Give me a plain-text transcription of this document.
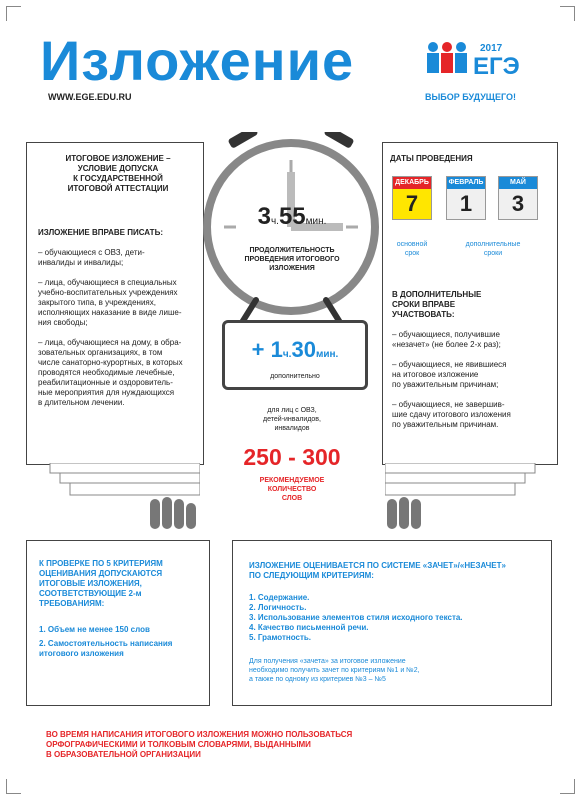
Изложение
WWW.EGE.EDU.RU
2017
ЕГЭ
ВЫБОР БУДУЩЕГО!
ИТОГОВОЕ ИЗЛОЖЕНИЕ –
УСЛОВИЕ ДОПУСКА
К ГОСУДАРСТВЕННОЙ
ИТОГОВОЙ АТТЕСТАЦИИ
ИЗЛОЖЕНИЕ ВПРАВЕ ПИСАТЬ:
– обучающиеся с ОВЗ, дети-
инвалиды и инвалиды;
– лица, обучающиеся в специальных
учебно-воспитательных учреждениях
закрытого типа, в учреждениях,
исполняющих наказание в виде лише-
ния свободы;
– лица, обучающиеся на дому, в обра-
зовательных организациях, в том
числе санаторно-курортных, в которых
проводятся необходимые лечебные,
реабилитационные и оздоровитель-
ные мероприятия для нуждающихся
в длительном лечении.
ДАТЫ ПРОВЕДЕНИЯ
ДЕКАБРЬ
7
ФЕВРАЛЬ
1
МАЙ
3
основной
срок
дополнительные
сроки
В ДОПОЛНИТЕЛЬНЫЕ
СРОКИ ВПРАВЕ
УЧАСТВОВАТЬ:
– обучающиеся, получившие
«незачет» (не более 2-х раз);
– обучающиеся, не явившиеся
на итоговое изложение
по уважительным причинам;
– обучающиеся, не завершив-
шие сдачу итогового изложения
по уважительным причинам.
3ч.55мин.
ПРОДОЛЖИТЕЛЬНОСТЬ
ПРОВЕДЕНИЯ ИТОГОВОГО
ИЗЛОЖЕНИЯ
+ 1ч.30мин.
дополнительно
для лиц с ОВЗ,
детей-инвалидов,
инвалидов
250 - 300
РЕКОМЕНДУЕМОЕ
КОЛИЧЕСТВО
СЛОВ
К ПРОВЕРКЕ ПО 5 КРИТЕРИЯМ
ОЦЕНИВАНИЯ ДОПУСКАЮТСЯ
ИТОГОВЫЕ ИЗЛОЖЕНИЯ,
СООТВЕТСТВУЮЩИЕ 2-м
ТРЕБОВАНИЯМ:
1. Объем не менее 150 слов
2. Самостоятельность написания
итогового изложения
ИЗЛОЖЕНИЕ ОЦЕНИВАЕТСЯ ПО СИСТЕМЕ «ЗАЧЕТ»/«НЕЗАЧЕТ»
ПО СЛЕДУЮЩИМ КРИТЕРИЯМ:
1. Содержание.
2. Логичность.
3. Использование элементов стиля исходного текста.
4. Качество письменной речи.
5. Грамотность.
Для получения «зачета» за итоговое изложение
необходимо получить зачет по критериям №1 и №2,
а также по одному из критериев №3 – №5
ВО ВРЕМЯ НАПИСАНИЯ ИТОГОВОГО ИЗЛОЖЕНИЯ МОЖНО ПОЛЬЗОВАТЬСЯ
ОРФОГРАФИЧЕСКИМИ И ТОЛКОВЫМ СЛОВАРЯМИ, ВЫДАННЫМИ
В ОБРАЗОВАТЕЛЬНОЙ ОРГАНИЗАЦИИ
